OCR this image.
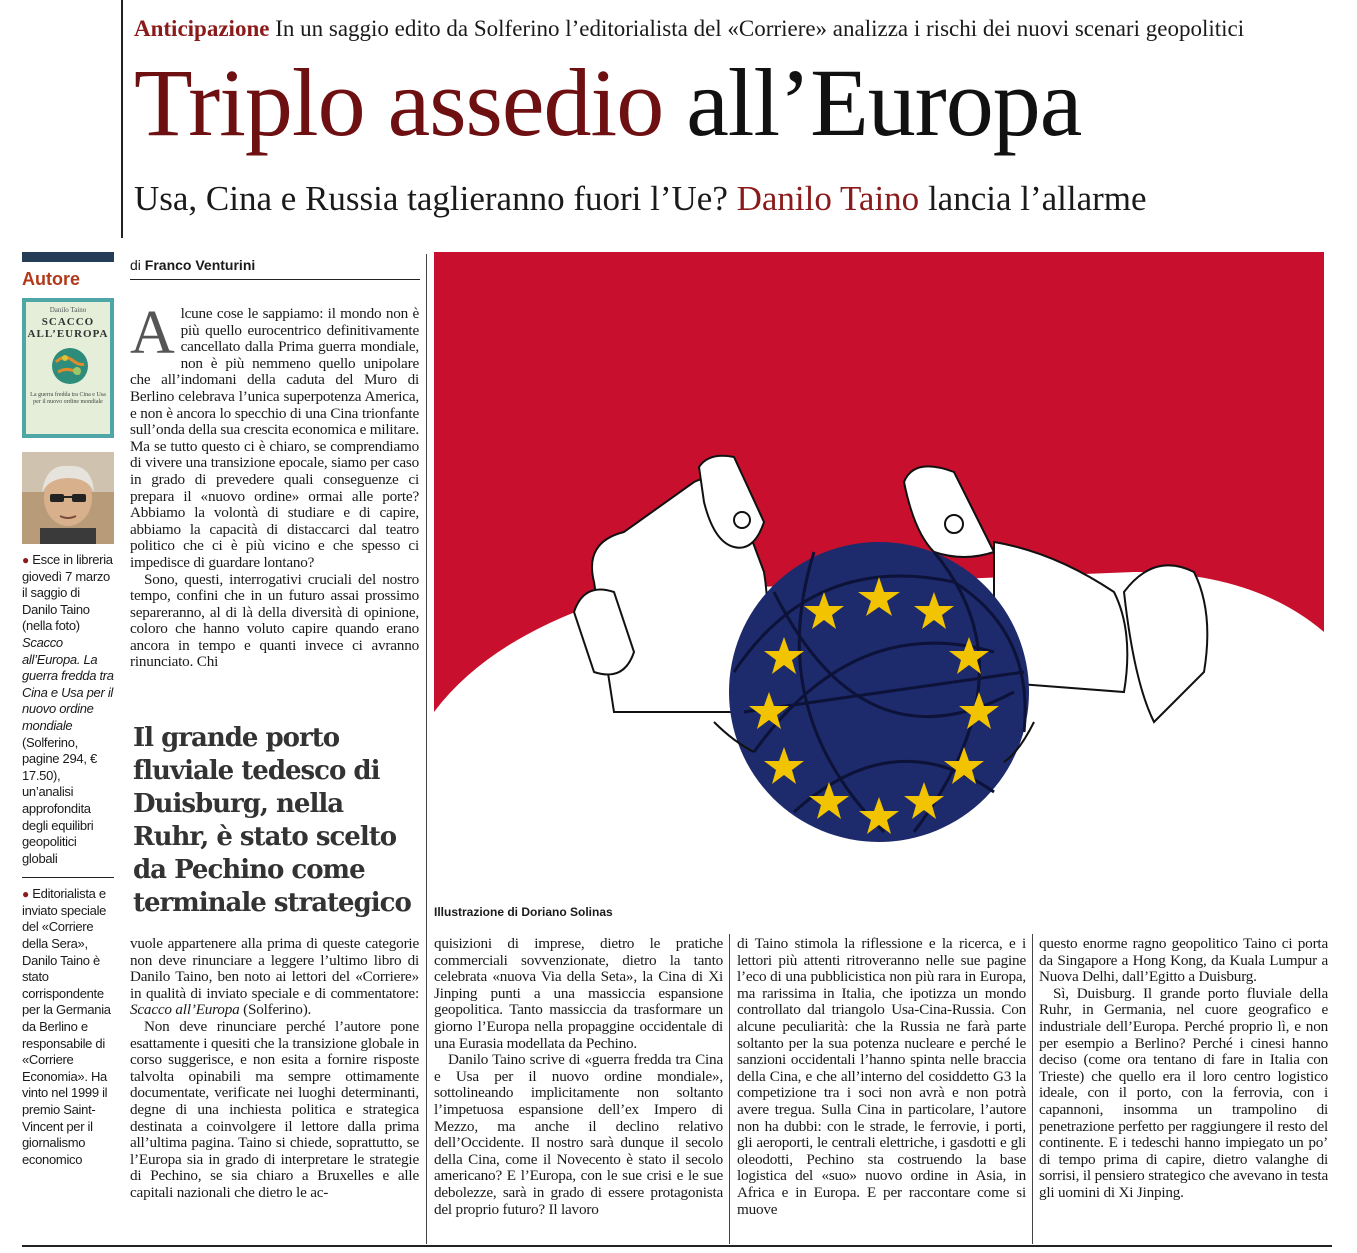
Anticipazione In un saggio edito da Solferino l’editorialista del «Corriere» analizza i rischi dei nuovi scenari geopolitici
Triplo assedio all’Europa
Usa, Cina e Russia taglieranno fuori l’Ue? Danilo Taino lancia l’allarme
Autore
Danilo Taino
SCACCO ALL’EUROPA
La guerra fredda tra Cina e Usa per il nuovo ordine mondiale
● Esce in libreria giovedì 7 marzo il saggio di Danilo Taino (nella foto) Scacco all’Europa. La guerra fredda tra Cina e Usa per il nuovo ordine mondiale (Solferino, pagine 294, € 17.50), un’analisi approfondita degli equilibri geopolitici globali
● Editorialista e inviato speciale del «Corriere della Sera», Danilo Taino è stato corrispondente per la Germania da Berlino e responsabile di «Corriere Economia». Ha vinto nel 1999 il premio Saint-Vincent per il giornalismo economico
di Franco Venturini

Alcune cose le sappiamo: il mondo non è più quello eurocentrico definitivamente cancellato dalla Prima guerra mondiale, non è più nemmeno quello unipolare che all’indomani della caduta del Muro di Berlino celebrava l’unica superpotenza America, e non è ancora lo specchio di una Cina trionfante sull’onda della sua crescita economica e militare. Ma se tutto questo ci è chiaro, se comprendiamo di vivere una transizione epocale, siamo per caso in grado di prevedere quali conseguenze ci prepara il «nuovo ordine» ormai alle porte? Abbiamo la volontà di studiare e di capire, abbiamo la capacità di distaccarci dal teatro politico che ci è più vicino e che spesso ci impedisce di guardare lontano?

Sono, questi, interrogativi cruciali del nostro tempo, confini che in un futuro assai prossimo separeranno, al di là della diversità di opinione, coloro che hanno voluto capire quando erano ancora in tempo e quanti invece ci avranno rinunciato. Chi

Il grande porto fluviale tedesco di Duisburg, nella Ruhr, è stato scelto da Pechino come terminale strategico	Illustrazione di Doriano Solinas

vuole appartenere alla prima di queste categorie non deve rinunciare a leggere l’ultimo libro di Danilo Taino, ben noto ai lettori del «Corriere» in qualità di inviato speciale e di commentatore: Scacco all’Europa (Solferino).

Non deve rinunciare perché l’autore pone esattamente i quesiti che la transizione globale in corso suggerisce, e non esita a fornire risposte talvolta opinabili ma sempre ottimamente documentate, verificate nei luoghi determinanti, degne di una inchiesta politica e strategica destinata a coinvolgere il lettore dalla prima all’ultima pagina. Taino si chiede, soprattutto, se l’Europa sia in grado di interpretare le strategie di Pechino, se sia chiaro a Bruxelles e alle capitali nazionali che dietro le ac-

quisizioni di imprese, dietro le pratiche commerciali sovvenzionate, dietro la tanto celebrata «nuova Via della Seta», la Cina di Xi Jinping punti a una massiccia espansione geopolitica. Tanto massiccia da trasformare un giorno l’Europa nella propaggine occidentale di una Eurasia modellata da Pechino.

Danilo Taino scrive di «guerra fredda tra Cina e Usa per il nuovo ordine mondiale», sottolineando implicitamente non soltanto l’impetuosa espansione dell’ex Impero di Mezzo, ma anche il declino relativo dell’Occidente. Il nostro sarà dunque il secolo della Cina, come il Novecento è stato il secolo americano? E l’Europa, con le sue crisi e le sue debolezze, sarà in grado di essere protagonista del proprio futuro? Il lavoro

di Taino stimola la riflessione e la ricerca, e i lettori più attenti ritroveranno nelle sue pagine l’eco di una pubblicistica non più rara in Europa, ma rarissima in Italia, che ipotizza un mondo controllato dal triangolo Usa-Cina-Russia. Con alcune peculiarità: che la Russia ne farà parte soltanto per la sua potenza nucleare e perché le sanzioni occidentali l’hanno spinta nelle braccia della Cina, e che all’interno del cosiddetto G3 la competizione tra i soci non avrà e non potrà avere tregua. Sulla Cina in particolare, l’autore non ha dubbi: con le strade, le ferrovie, i porti, gli aeroporti, le centrali elettriche, i gasdotti e gli oleodotti, Pechino sta costruendo la base logistica del «suo» nuovo ordine in Asia, in Africa e in Europa. E per raccontare come si muove

questo enorme ragno geopolitico Taino ci porta da Singapore a Hong Kong, da Kuala Lumpur a Nuova Delhi, dall’Egitto a Duisburg.

Sì, Duisburg. Il grande porto fluviale della Ruhr, in Germania, nel cuore geografico e industriale dell’Europa. Perché proprio lì, e non per esempio a Berlino? Perché i cinesi hanno deciso (come ora tentano di fare in Italia con Trieste) che quello era il loro centro logistico ideale, con il porto, con la ferrovia, con i capannoni, insomma un trampolino di penetrazione perfetto per raggiungere il resto del continente. E i tedeschi hanno impiegato un po’ di tempo prima di capire, dietro valanghe di sorrisi, il pensiero strategico che avevano in testa gli uomini di Xi Jinping.
